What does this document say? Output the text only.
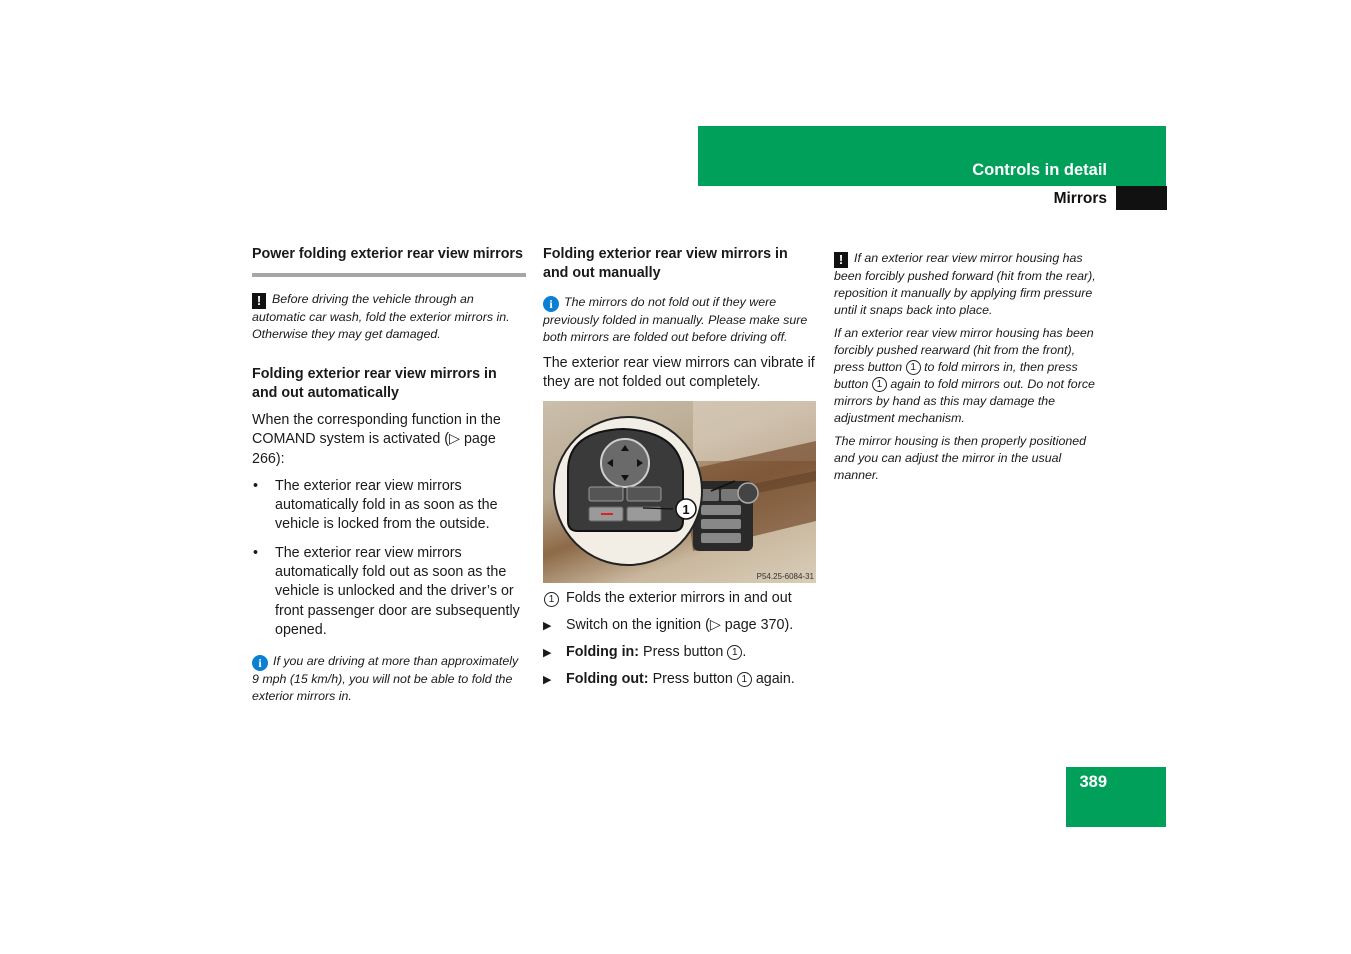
Controls in detail
Mirrors

Power folding exterior rear view mirrors

! Before driving the vehicle through an automatic car wash, fold the exterior mirrors in. Otherwise they may get damaged.

Folding exterior rear view mirrors in and out automatically

When the corresponding function in the COMAND system is activated (▷ page 266):

• The exterior rear view mirrors automatically fold in as soon as the vehicle is locked from the outside.
• The exterior rear view mirrors automatically fold out as soon as the vehicle is unlocked and the driver’s or front passenger door are subsequently opened.

i If you are driving at more than approximately 9 mph (15 km/h), you will not be able to fold the exterior mirrors in.

Folding exterior rear view mirrors in and out manually

i The mirrors do not fold out if they were previously folded in manually. Please make sure both mirrors are folded out before driving off.

The exterior rear view mirrors can vibrate if they are not folded out completely.

1
P54.25-6084-31

1 Folds the exterior mirrors in and out

▶ Switch on the ignition (▷ page 370).

▶ Folding in: Press button 1 .

▶ Folding out: Press button 1 again.

! If an exterior rear view mirror housing has been forcibly pushed forward (hit from the rear), reposition it manually by applying firm pressure until it snaps back into place.

If an exterior rear view mirror housing has been forcibly pushed rearward (hit from the front), press button 1 to fold mirrors in, then press button 1 again to fold mirrors out. Do not force mirrors by hand as this may damage the adjustment mechanism.

The mirror housing is then properly positioned and you can adjust the mirror in the usual manner.

389
